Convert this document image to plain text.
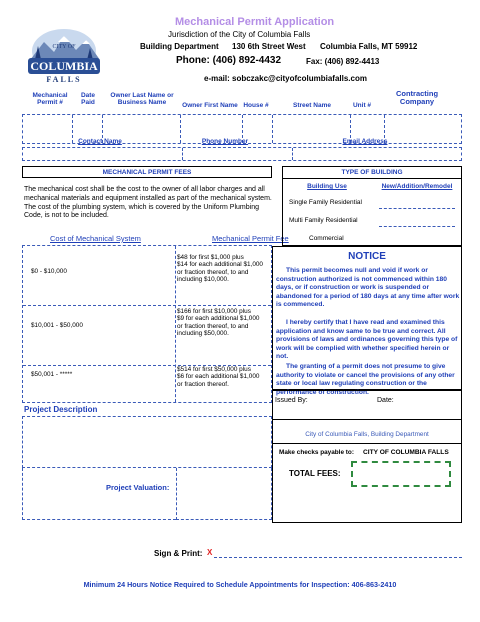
CITY OF
COLUMBIA
FALLS
Mechanical Permit Application
Jurisdiction of the City of Columbia Falls
Building Department 130 6th Street West Columbia Falls, MT 59912
Phone: (406) 892-4432	Fax: (406) 892-4413
e-mail: sobczakc@cityofcolumbiafalls.com
Mechanical
Permit #
Date
Paid
Owner Last Name or
Business Name	Owner First Name House #	Street Name	Unit #
Contracting
Company
Contact Name	Phone Number	Email Address
MECHANICAL PERMIT FEES
The mechanical cost shall be the cost to the owner of all labor charges and all mechanical materials and equipment installed as part of the mechanical system. The cost of the plumbing system, which is covered by the Uniform Plumbing Code, is not to be included.
Cost of Mechanical System	Mechanical Permit Fee
$0 - $10,000
$48 for first $1,000 plus
$14 for each additional $1,000
or fraction thereof, to and
including $10,000.
$10,001 - $50,000
$166 for first $10,000 plus
$9 for each additional $1,000
or fraction thereof, to and
including $50,000.
$50,001 - *****
$514 for first $50,000 plus
$6 for each additional $1,000
or fraction thereof.
TYPE OF BUILDING
Building Use	New/Addition/Remodel
Single Family Residential
Multi Family Residential
Commercial
NOTICE
This permit becomes null and void if work or construction authorized is not commenced within 180 days, or if construction or work is suspended or abandoned for a period of 180 days at any time after work is commenced.
I hereby certify that I have read and examined this application and know same to be true and correct. All provisions of laws and ordinances governing this type of work will be complied with whether specified herein or not.
The granting of a permit does not presume to give authority to violate or cancel the provisions of any other state or local law regulating construction or the performance of construction.
Project Description
Project Valuation:
Issued By:	Date:
City of Columbia Falls, Building Department
Make checks payable to: CITY OF COLUMBIA FALLS
TOTAL FEES:
Sign & Print: X
Minimum 24 Hours Notice Required to Schedule Appointments for Inspection: 406-863-2410
